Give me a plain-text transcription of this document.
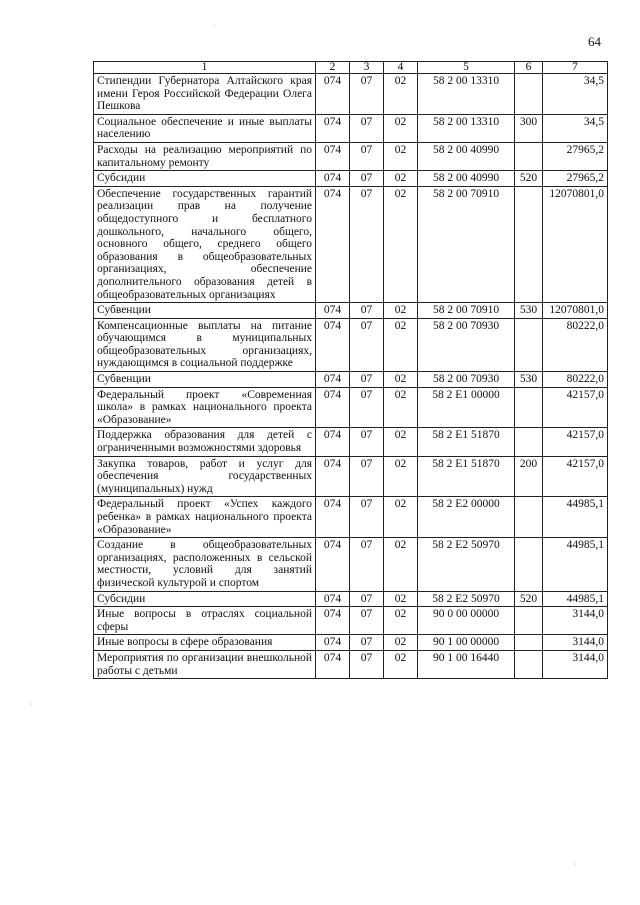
64
1	2	3	4	5	6	7
Стипендии Губернатора Алтайского края имени Героя Российской Федерации Олега Пешкова	074	07	02	58 2 00 13310		34,5
Социальное обеспечение и иные выплаты населению	074	07	02	58 2 00 13310	300	34,5
Расходы на реализацию мероприятий по капитальному ремонту	074	07	02	58 2 00 40990		27965,2
Субсидии	074	07	02	58 2 00 40990	520	27965,2
Обеспечение государственных гарантий реализации прав на получение общедоступного и бесплатного дошкольного, начального общего, основного общего, среднего общего образования в общеобразовательных организациях, обеспечение дополнительного образования детей в общеобразовательных организациях	074	07	02	58 2 00 70910		12070801,0
Субвенции	074	07	02	58 2 00 70910	530	12070801,0
Компенсационные выплаты на питание обучающимся в муниципальных общеобразовательных организациях, нуждающимся в социальной поддержке	074	07	02	58 2 00 70930		80222,0
Субвенции	074	07	02	58 2 00 70930	530	80222,0
Федеральный проект «Современная школа» в рамках национального проекта «Образование»	074	07	02	58 2 E1 00000		42157,0
Поддержка образования для детей с ограниченными возможностями здоровья	074	07	02	58 2 E1 51870		42157,0
Закупка товаров, работ и услуг для обеспечения государственных (муниципальных) нужд	074	07	02	58 2 E1 51870	200	42157,0
Федеральный проект «Успех каждого ребенка» в рамках национального проекта «Образование»	074	07	02	58 2 E2 00000		44985,1
Создание в общеобразовательных организациях, расположенных в сельской местности, условий для занятий физической культурой и спортом	074	07	02	58 2 E2 50970		44985,1
Субсидии	074	07	02	58 2 E2 50970	520	44985,1
Иные вопросы в отраслях социальной сферы	074	07	02	90 0 00 00000		3144,0
Иные вопросы в сфере образования	074	07	02	90 1 00 00000		3144,0
Мероприятия по организации внешкольной работы с детьми	074	07	02	90 1 00 16440		3144,0
·
·
·
